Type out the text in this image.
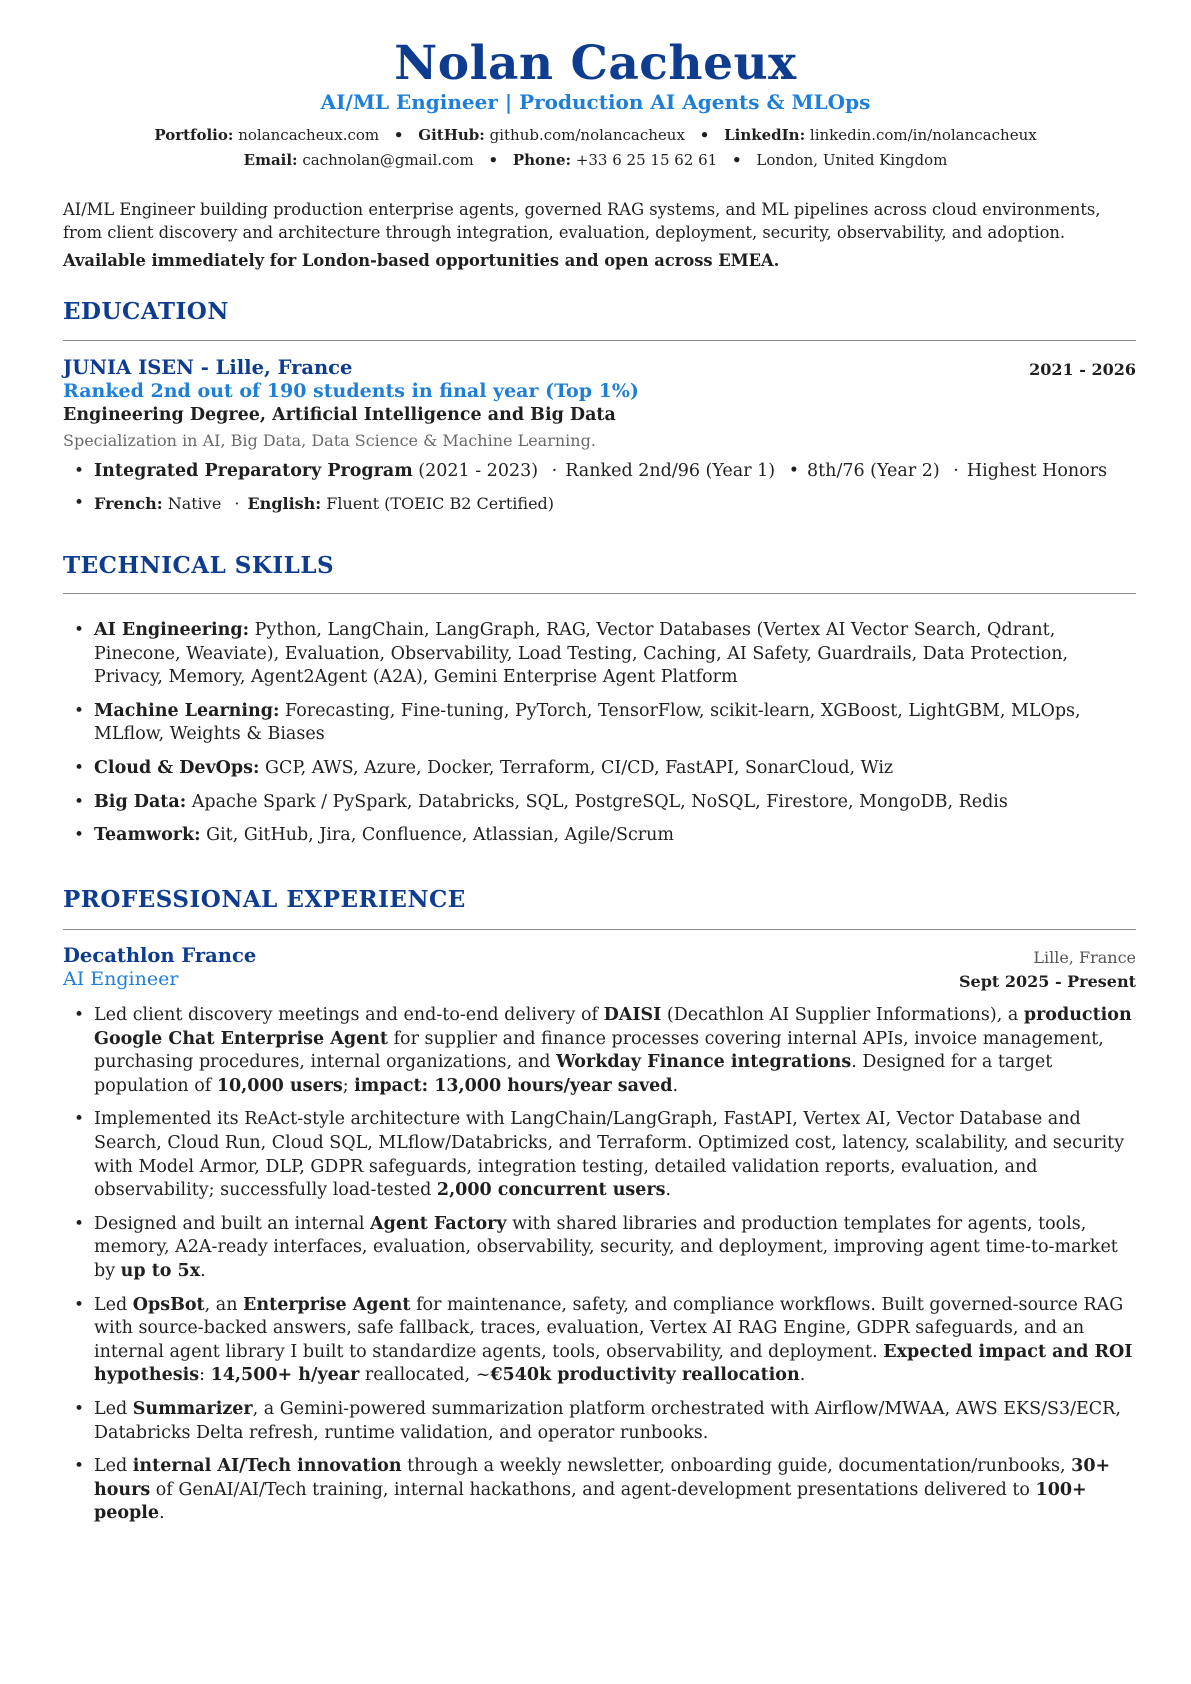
Nolan Cacheux
AI/ML Engineer | Production AI Agents & MLOps
Portfolio: nolancacheux.com • GitHub: github.com/nolancacheux • LinkedIn: linkedin.com/in/nolancacheux
Email: cachnolan@gmail.com • Phone: +33 6 25 15 62 61 • London, United Kingdom
AI/ML Engineer building production enterprise agents, governed RAG systems, and ML pipelines across cloud environments, from client discovery and architecture through integration, evaluation, deployment, security, observability, and adoption.
Available immediately for London-based opportunities and open across EMEA.
EDUCATION
JUNIA ISEN - Lille, France	2021 - 2026
Ranked 2nd out of 190 students in final year (Top 1%)
Engineering Degree, Artificial Intelligence and Big Data
Specialization in AI, Big Data, Data Science & Machine Learning.
• Integrated Preparatory Program (2021 - 2023) · Ranked 2nd/96 (Year 1) • 8th/76 (Year 2) · Highest Honors
• French: Native · English: Fluent (TOEIC B2 Certified)
TECHNICAL SKILLS
• AI Engineering: Python, LangChain, LangGraph, RAG, Vector Databases (Vertex AI Vector Search, Qdrant, Pinecone, Weaviate), Evaluation, Observability, Load Testing, Caching, AI Safety, Guardrails, Data Protection, Privacy, Memory, Agent2Agent (A2A), Gemini Enterprise Agent Platform
• Machine Learning: Forecasting, Fine-tuning, PyTorch, TensorFlow, scikit-learn, XGBoost, LightGBM, MLOps, MLflow, Weights & Biases
• Cloud & DevOps: GCP, AWS, Azure, Docker, Terraform, CI/CD, FastAPI, SonarCloud, Wiz
• Big Data: Apache Spark / PySpark, Databricks, SQL, PostgreSQL, NoSQL, Firestore, MongoDB, Redis
• Teamwork: Git, GitHub, Jira, Confluence, Atlassian, Agile/Scrum
PROFESSIONAL EXPERIENCE
Decathlon France	Lille, France
AI Engineer	Sept 2025 - Present
• Led client discovery meetings and end-to-end delivery of DAISI (Decathlon AI Supplier Informations), a production Google Chat Enterprise Agent for supplier and finance processes covering internal APIs, invoice management, purchasing procedures, internal organizations, and Workday Finance integrations. Designed for a target population of 10,000 users; impact: 13,000 hours/year saved.
• Implemented its ReAct-style architecture with LangChain/LangGraph, FastAPI, Vertex AI, Vector Database and Search, Cloud Run, Cloud SQL, MLflow/Databricks, and Terraform. Optimized cost, latency, scalability, and security with Model Armor, DLP, GDPR safeguards, integration testing, detailed validation reports, evaluation, and observability; successfully load-tested 2,000 concurrent users.
• Designed and built an internal Agent Factory with shared libraries and production templates for agents, tools, memory, A2A-ready interfaces, evaluation, observability, security, and deployment, improving agent time-to-market by up to 5x.
• Led OpsBot, an Enterprise Agent for maintenance, safety, and compliance workflows. Built governed-source RAG with source-backed answers, safe fallback, traces, evaluation, Vertex AI RAG Engine, GDPR safeguards, and an internal agent library I built to standardize agents, tools, observability, and deployment. Expected impact and ROI hypothesis: 14,500+ h/year reallocated, ~€540k productivity reallocation.
• Led Summarizer, a Gemini-powered summarization platform orchestrated with Airflow/MWAA, AWS EKS/S3/ECR, Databricks Delta refresh, runtime validation, and operator runbooks.
• Led internal AI/Tech innovation through a weekly newsletter, onboarding guide, documentation/runbooks, 30+ hours of GenAI/AI/Tech training, internal hackathons, and agent-development presentations delivered to 100+ people.
